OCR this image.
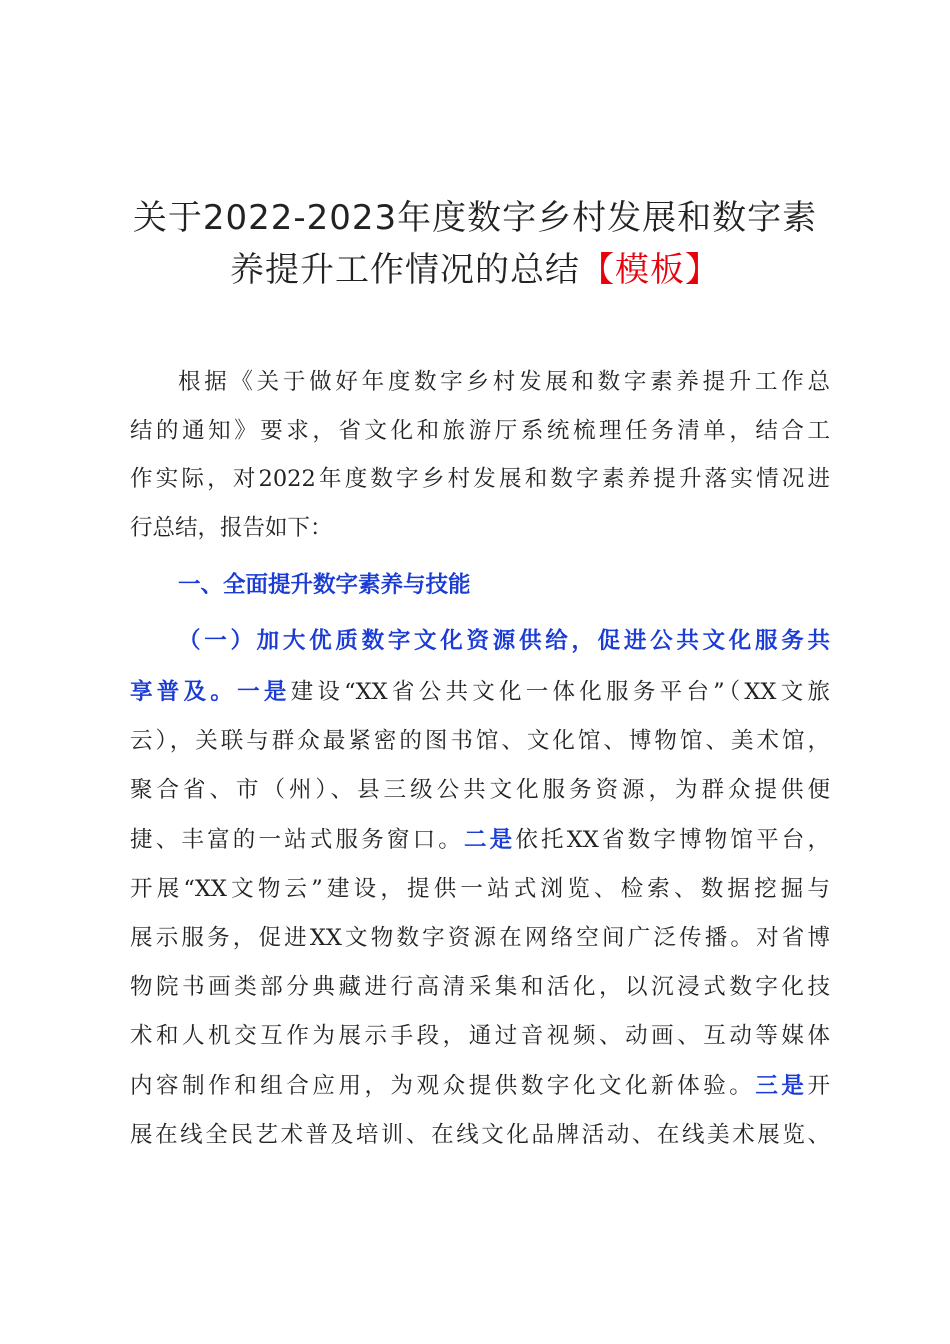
关于2022-2023年度数字乡村发展和数字素
养提升工作情况的总结【模板】
根据《关于做好年度数字乡村发展和数字素养提升工作总
结的通知》要求，省文化和旅游厅系统梳理任务清单，结合工
作实际，对2022年度数字乡村发展和数字素养提升落实情况进
行总结，报告如下：
一、全面提升数字素养与技能
（一）加大优质数字文化资源供给，促进公共文化服务共
享普及。一是建设“XX省公共文化一体化服务平台”（XX文旅
云），关联与群众最紧密的图书馆、文化馆、博物馆、美术馆，
聚合省、市（州）、县三级公共文化服务资源，为群众提供便
捷、丰富的一站式服务窗口。二是依托XX省数字博物馆平台，
开展“XX文物云”建设，提供一站式浏览、检索、数据挖掘与
展示服务，促进XX文物数字资源在网络空间广泛传播。对省博
物院书画类部分典藏进行高清采集和活化，以沉浸式数字化技
术和人机交互作为展示手段，通过音视频、动画、互动等媒体
内容制作和组合应用，为观众提供数字化文化新体验。三是开
展在线全民艺术普及培训、在线文化品牌活动、在线美术展览、
